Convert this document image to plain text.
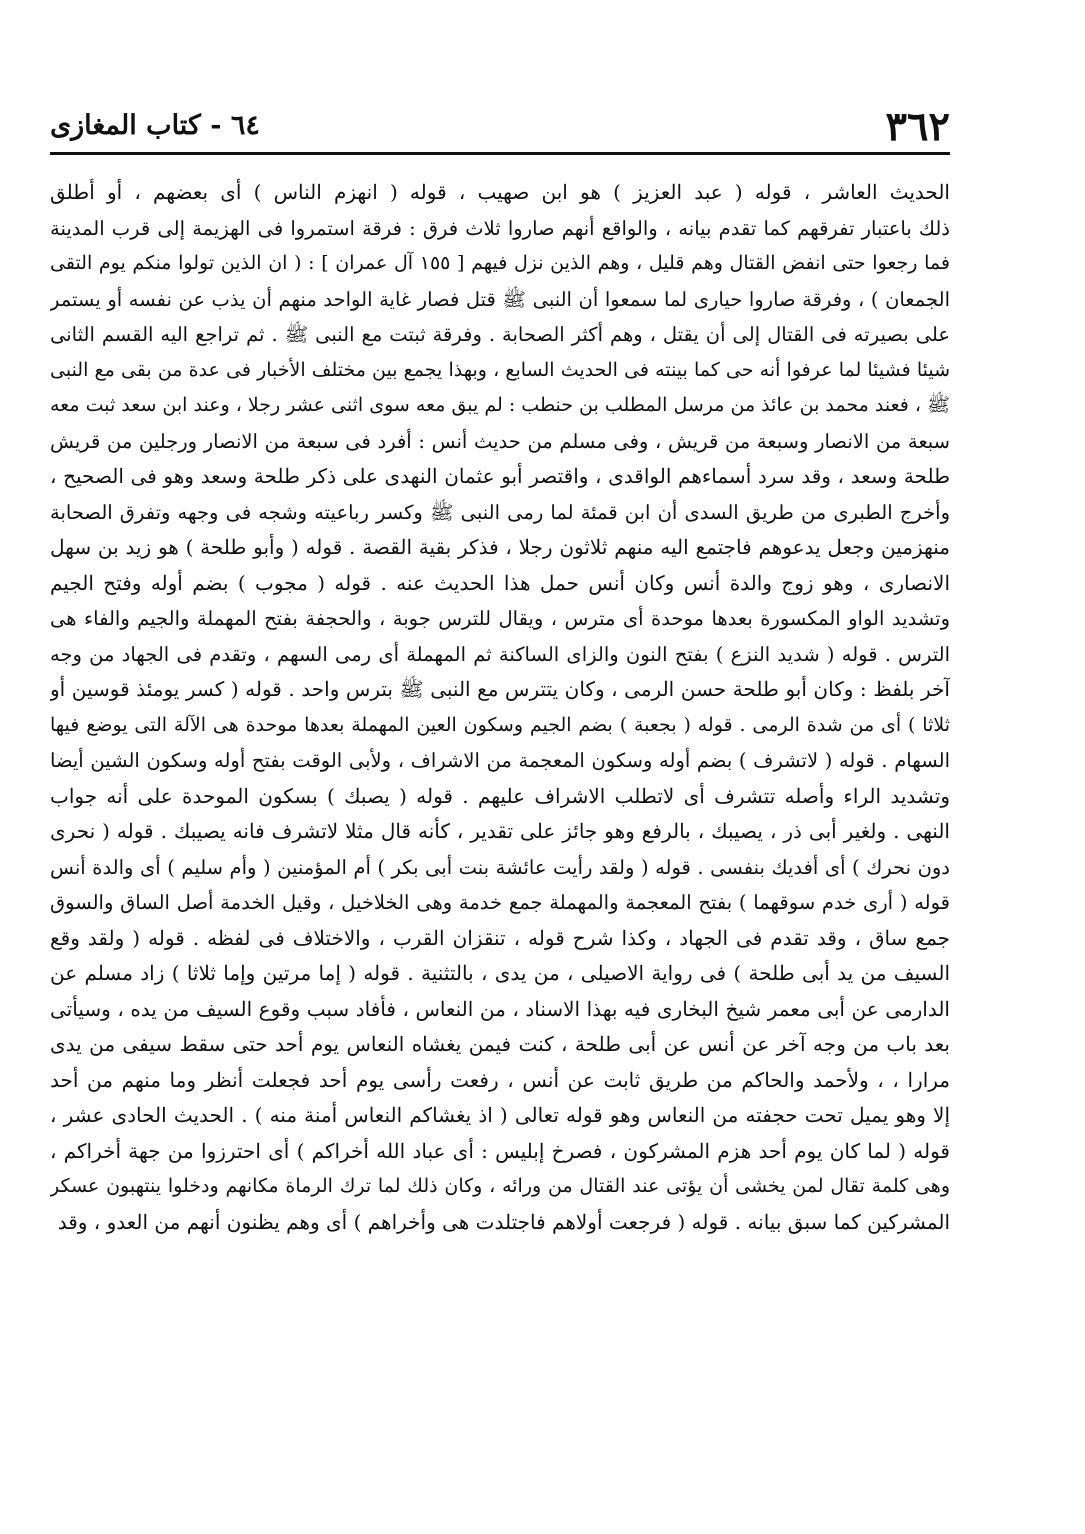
٣٦٢
٦٤ - كتاب المغازى
الحديث العاشر ، قوله ( عبد العزيز ) هو ابن صهيب ، قوله ( انهزم الناس ) أى بعضهم ، أو أطلق
ذلك باعتبار تفرقهم كما تقدم بيانه ، والواقع أنهم صاروا ثلاث فرق : فرقة استمروا فى الهزيمة إلى قرب المدينة
فما رجعوا حتى انفض القتال وهم قليل ، وهم الذين نزل فيهم [ ١٥٥ آل عمران ] : ( ان الذين تولوا منكم يوم التقى
الجمعان ) ، وفرقة صاروا حيارى لما سمعوا أن النبى ﷺ قتل فصار غاية الواحد منهم أن يذب عن نفسه أو يستمر
على بصيرته فى القتال إلى أن يقتل ، وهم أكثر الصحابة . وفرقة ثبتت مع النبى ﷺ . ثم تراجع اليه القسم الثانى
شيئا فشيئا لما عرفوا أنه حى كما بينته فى الحديث السابع ، وبهذا يجمع بين مختلف الأخبار فى عدة من بقى مع النبى
ﷺ ، فعند محمد بن عائذ من مرسل المطلب بن حنطب : لم يبق معه سوى اثنى عشر رجلا ، وعند ابن سعد ثبت معه
سبعة من الانصار وسبعة من قريش ، وفى مسلم من حديث أنس : أفرد فى سبعة من الانصار ورجلين من قريش
طلحة وسعد ، وقد سرد أسماءهم الواقدى ، واقتصر أبو عثمان النهدى على ذكر طلحة وسعد وهو فى الصحيح ،
وأخرج الطبرى من طريق السدى أن ابن قمئة لما رمى النبى ﷺ وكسر رباعيته وشجه فى وجهه وتفرق الصحابة
منهزمين وجعل يدعوهم فاجتمع اليه منهم ثلاثون رجلا ، فذكر بقية القصة . قوله ( وأبو طلحة ) هو زيد بن سهل
الانصارى ، وهو زوج والدة أنس وكان أنس حمل هذا الحديث عنه . قوله ( مجوب ) بضم أوله وفتح الجيم
وتشديد الواو المكسورة بعدها موحدة أى مترس ، ويقال للترس جوبة ، والحجفة بفتح المهملة والجيم والفاء هى
الترس . قوله ( شديد النزع ) بفتح النون والزاى الساكنة ثم المهملة أى رمى السهم ، وتقدم فى الجهاد من وجه
آخر بلفظ : وكان أبو طلحة حسن الرمى ، وكان يتترس مع النبى ﷺ بترس واحد . قوله ( كسر يومئذ قوسين أو
ثلاثا ) أى من شدة الرمى . قوله ( بجعبة ) بضم الجيم وسكون العين المهملة بعدها موحدة هى الآلة التى يوضع فيها
السهام . قوله ( لاتشرف ) بضم أوله وسكون المعجمة من الاشراف ، ولأبى الوقت بفتح أوله وسكون الشين أيضا
وتشديد الراء وأصله تتشرف أى لاتطلب الاشراف عليهم . قوله ( يصبك ) بسكون الموحدة على أنه جواب
النهى . ولغير أبى ذر ، يصيبك ، بالرفع وهو جائز على تقدير ، كأنه قال مثلا لاتشرف فانه يصيبك . قوله ( نحرى
دون نحرك ) أى أفديك بنفسى . قوله ( ولقد رأيت عائشة بنت أبى بكر ) أم المؤمنين ( وأم سليم ) أى والدة أنس
قوله ( أرى خدم سوقهما ) بفتح المعجمة والمهملة جمع خدمة وهى الخلاخيل ، وقيل الخدمة أصل الساق والسوق
جمع ساق ، وقد تقدم فى الجهاد ، وكذا شرح قوله ، تنقزان القرب ، والاختلاف فى لفظه . قوله ( ولقد وقع
السيف من يد أبى طلحة ) فى رواية الاصيلى ، من يدى ، بالتثنية . قوله ( إما مرتين وإما ثلاثا ) زاد مسلم عن
الدارمى عن أبى معمر شيخ البخارى فيه بهذا الاسناد ، من النعاس ، فأفاد سبب وقوع السيف من يده ، وسيأتى
بعد باب من وجه آخر عن أنس عن أبى طلحة ، كنت فيمن يغشاه النعاس يوم أحد حتى سقط سيفى من يدى
مرارا ، ، ولأحمد والحاكم من طريق ثابت عن أنس ، رفعت رأسى يوم أحد فجعلت أنظر وما منهم من أحد
إلا وهو يميل تحت حجفته من النعاس وهو قوله تعالى ( اذ يغشاكم النعاس أمنة منه ) . الحديث الحادى عشر ،
قوله ( لما كان يوم أحد هزم المشركون ، فصرخ إبليس : أى عباد الله أخراكم ) أى احترزوا من جهة أخراكم ،
وهى كلمة تقال لمن يخشى أن يؤتى عند القتال من ورائه ، وكان ذلك لما ترك الرماة مكانهم ودخلوا ينتهبون عسكر
المشركين كما سبق بيانه . قوله ( فرجعت أولاهم فاجتلدت هى وأخراهم ) أى وهم يظنون أنهم من العدو ، وقد
